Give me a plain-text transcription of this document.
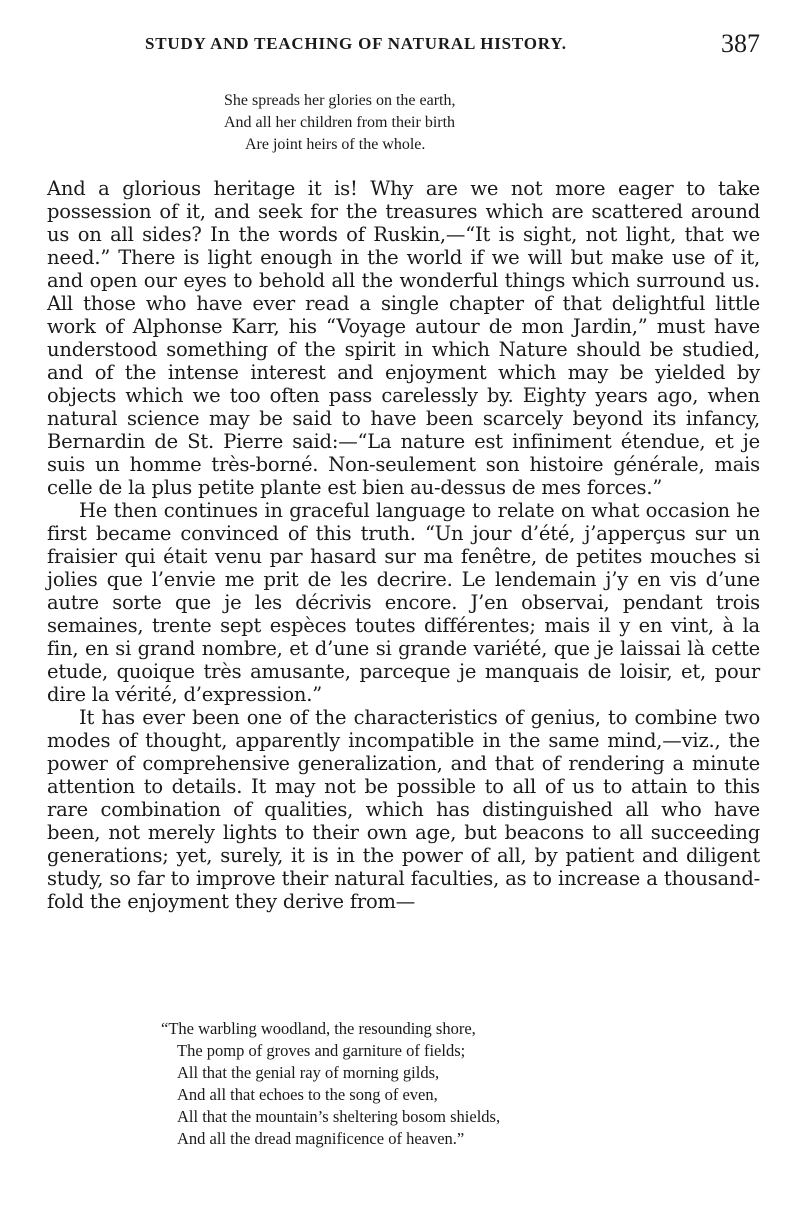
STUDY AND TEACHING OF NATURAL HISTORY.	387
She spreads her glories on the earth,
And all her children from their birth
Are joint heirs of the whole.

And a glorious heritage it is! Why are we not more eager to take possession of it, and seek for the treasures which are scattered around us on all sides? In the words of Ruskin,—“It is sight, not light, that we need.” There is light enough in the world if we will but make use of it, and open our eyes to behold all the wonderful things which surround us. All those who have ever read a single chapter of that delightful little work of Alphonse Karr, his “Voyage autour de mon Jardin,” must have understood something of the spirit in which Nature should be studied, and of the intense interest and enjoyment which may be yielded by objects which we too often pass carelessly by. Eighty years ago, when natural science may be said to have been scarcely beyond its infancy, Bernardin de St. Pierre said:—“La nature est infiniment étendue, et je suis un homme très-borné. Non-seulement son histoire générale, mais celle de la plus petite plante est bien au-dessus de mes forces.”

He then continues in graceful language to relate on what occasion he first became convinced of this truth. “Un jour d’été, j’apperçus sur un fraisier qui était venu par hasard sur ma fenêtre, de petites mouches si jolies que l’envie me prit de les decrire. Le lendemain j’y en vis d’une autre sorte que je les décrivis encore. J’en observai, pendant trois semaines, trente sept espèces toutes différentes; mais il y en vint, à la fin, en si grand nombre, et d’une si grande variété, que je laissai là cette etude, quoique très amusante, parceque je manquais de loisir, et, pour dire la vérité, d’expression.”

It has ever been one of the characteristics of genius, to combine two modes of thought, apparently incompatible in the same mind,—viz., the power of comprehensive generalization, and that of rendering a minute attention to details. It may not be possible to all of us to attain to this rare combination of qualities, which has distinguished all who have been, not merely lights to their own age, but beacons to all succeeding generations; yet, surely, it is in the power of all, by patient and diligent study, so far to improve their natural faculties, as to increase a thousand-fold the enjoyment they derive from—

“The warbling woodland, the resounding shore,
The pomp of groves and garniture of fields;
All that the genial ray of morning gilds,
And all that echoes to the song of even,
All that the mountain’s sheltering bosom shields,
And all the dread magnificence of heaven.”
